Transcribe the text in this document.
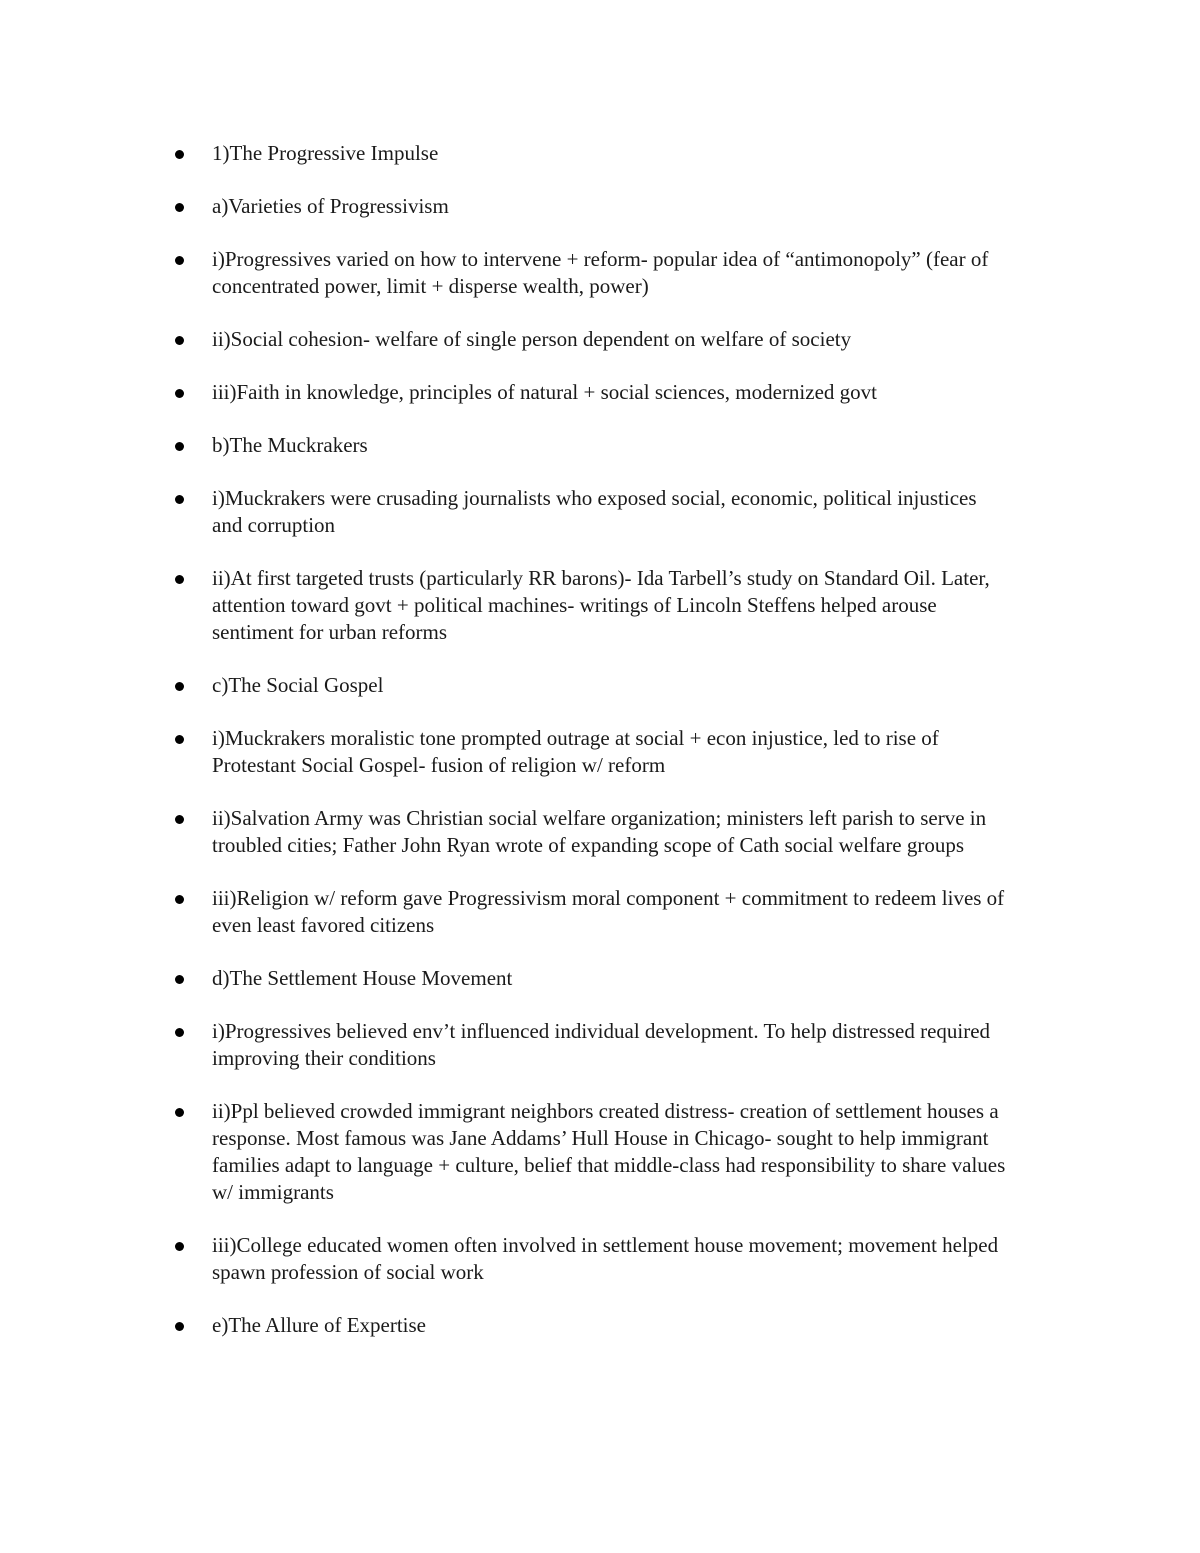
1)The Progressive Impulse
a)Varieties of Progressivism
i)Progressives varied on how to intervene + reform- popular idea of “antimonopoly” (fear of concentrated power, limit + disperse wealth, power)
ii)Social cohesion- welfare of single person dependent on welfare of society
iii)Faith in knowledge, principles of natural + social sciences, modernized govt
b)The Muckrakers
i)Muckrakers were crusading journalists who exposed social, economic, political injustices and corruption
ii)At first targeted trusts (particularly RR barons)- Ida Tarbell’s study on Standard Oil. Later, attention toward govt + political machines- writings of Lincoln Steffens helped arouse sentiment for urban reforms
c)The Social Gospel
i)Muckrakers moralistic tone prompted outrage at social + econ injustice, led to rise of Protestant Social Gospel- fusion of religion w/ reform
ii)Salvation Army was Christian social welfare organization; ministers left parish to serve in troubled cities; Father John Ryan wrote of expanding scope of Cath social welfare groups
iii)Religion w/ reform gave Progressivism moral component + commitment to redeem lives of even least favored citizens
d)The Settlement House Movement
i)Progressives believed env’t influenced individual development. To help distressed required improving their conditions
ii)Ppl believed crowded immigrant neighbors created distress- creation of settlement houses a response. Most famous was Jane Addams’ Hull House in Chicago- sought to help immigrant families adapt to language + culture, belief that middle-class had responsibility to share values w/ immigrants
iii)College educated women often involved in settlement house movement; movement helped spawn profession of social work
e)The Allure of Expertise
